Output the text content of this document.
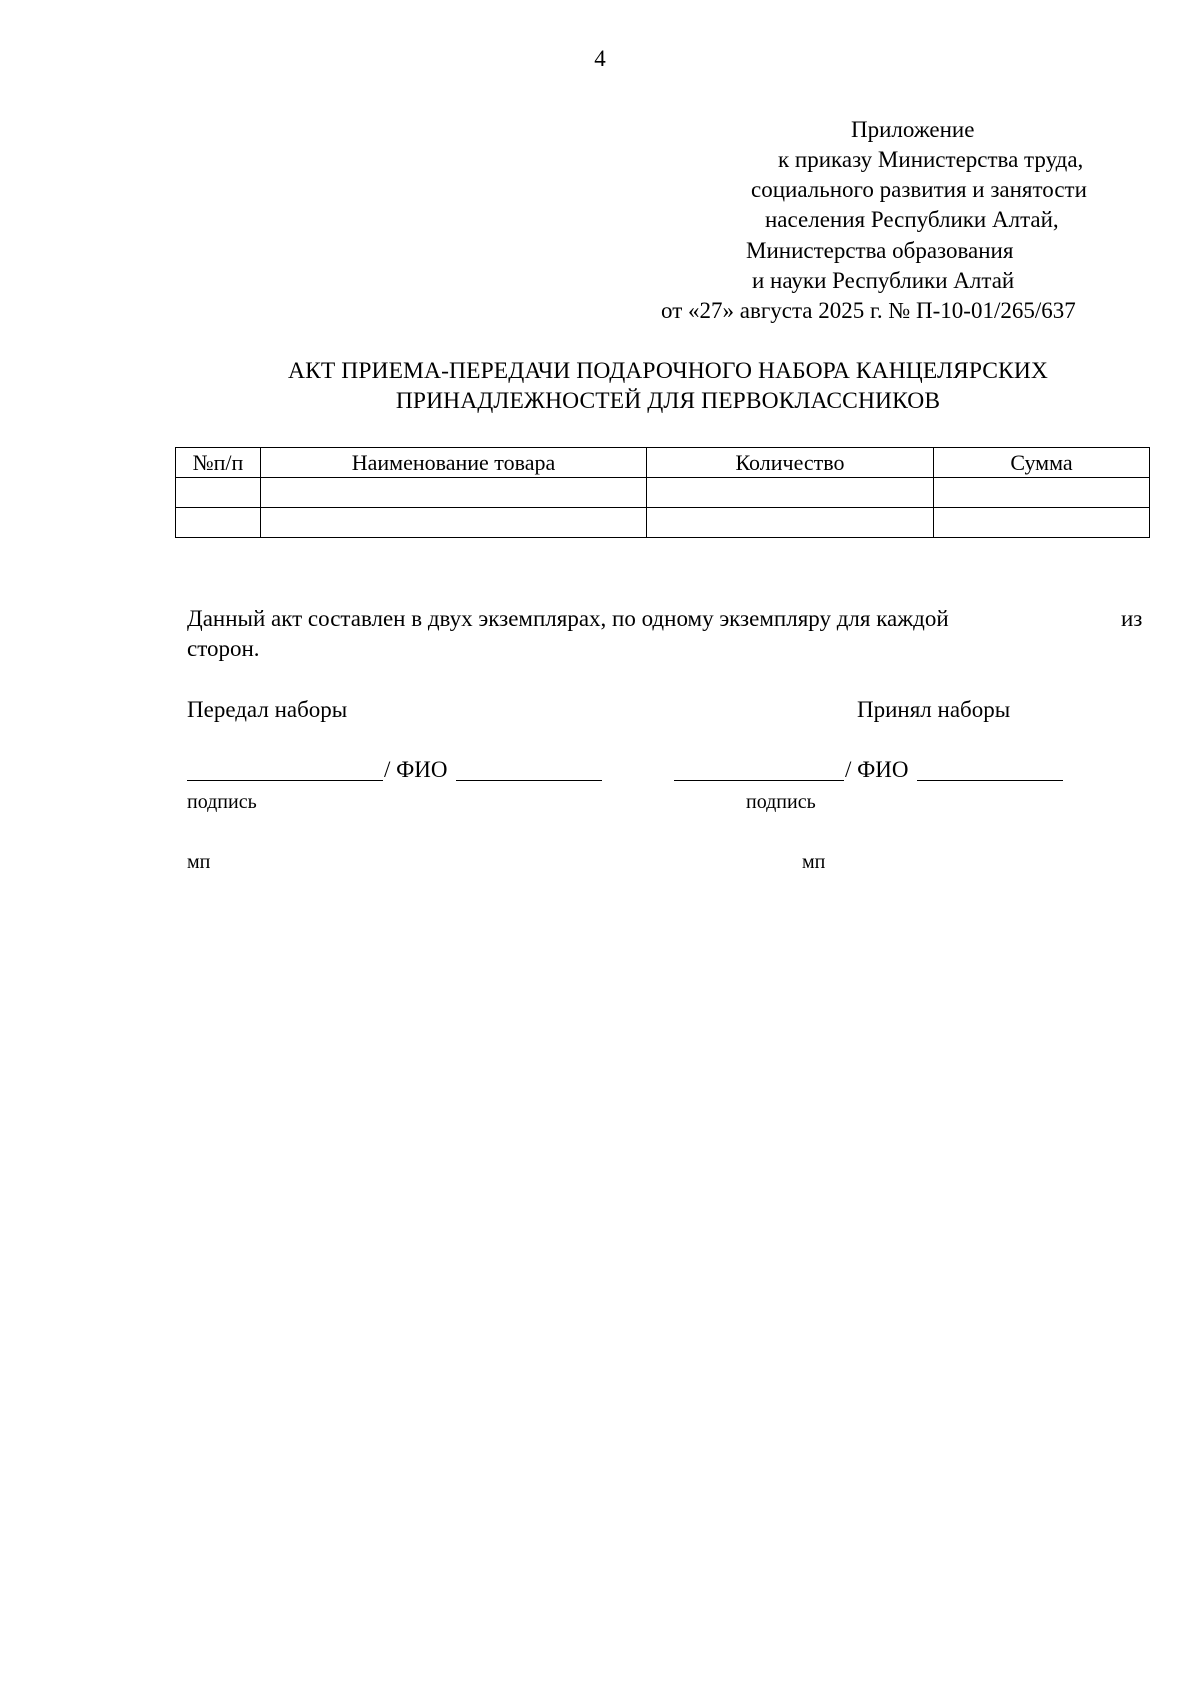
4
Приложение
к приказу Министерства труда,
социального развития и занятости
населения Республики Алтай,
Министерства образования
и науки Республики Алтай
от «27» августа 2025 г. № П-10-01/265/637
АКТ ПРИЕМА-ПЕРЕДАЧИ ПОДАРОЧНОГО НАБОРА КАНЦЕЛЯРСКИХ
ПРИНАДЛЕЖНОСТЕЙ ДЛЯ ПЕРВОКЛАССНИКОВ
№п/п	Наименование товара	Количество	Сумма

Данный акт составлен в двух экземплярах, по одному экземпляру для каждой	из
сторон.
Передал наборы
/ ФИО
подпись
мп
Принял наборы
/ ФИО
подпись
мп
